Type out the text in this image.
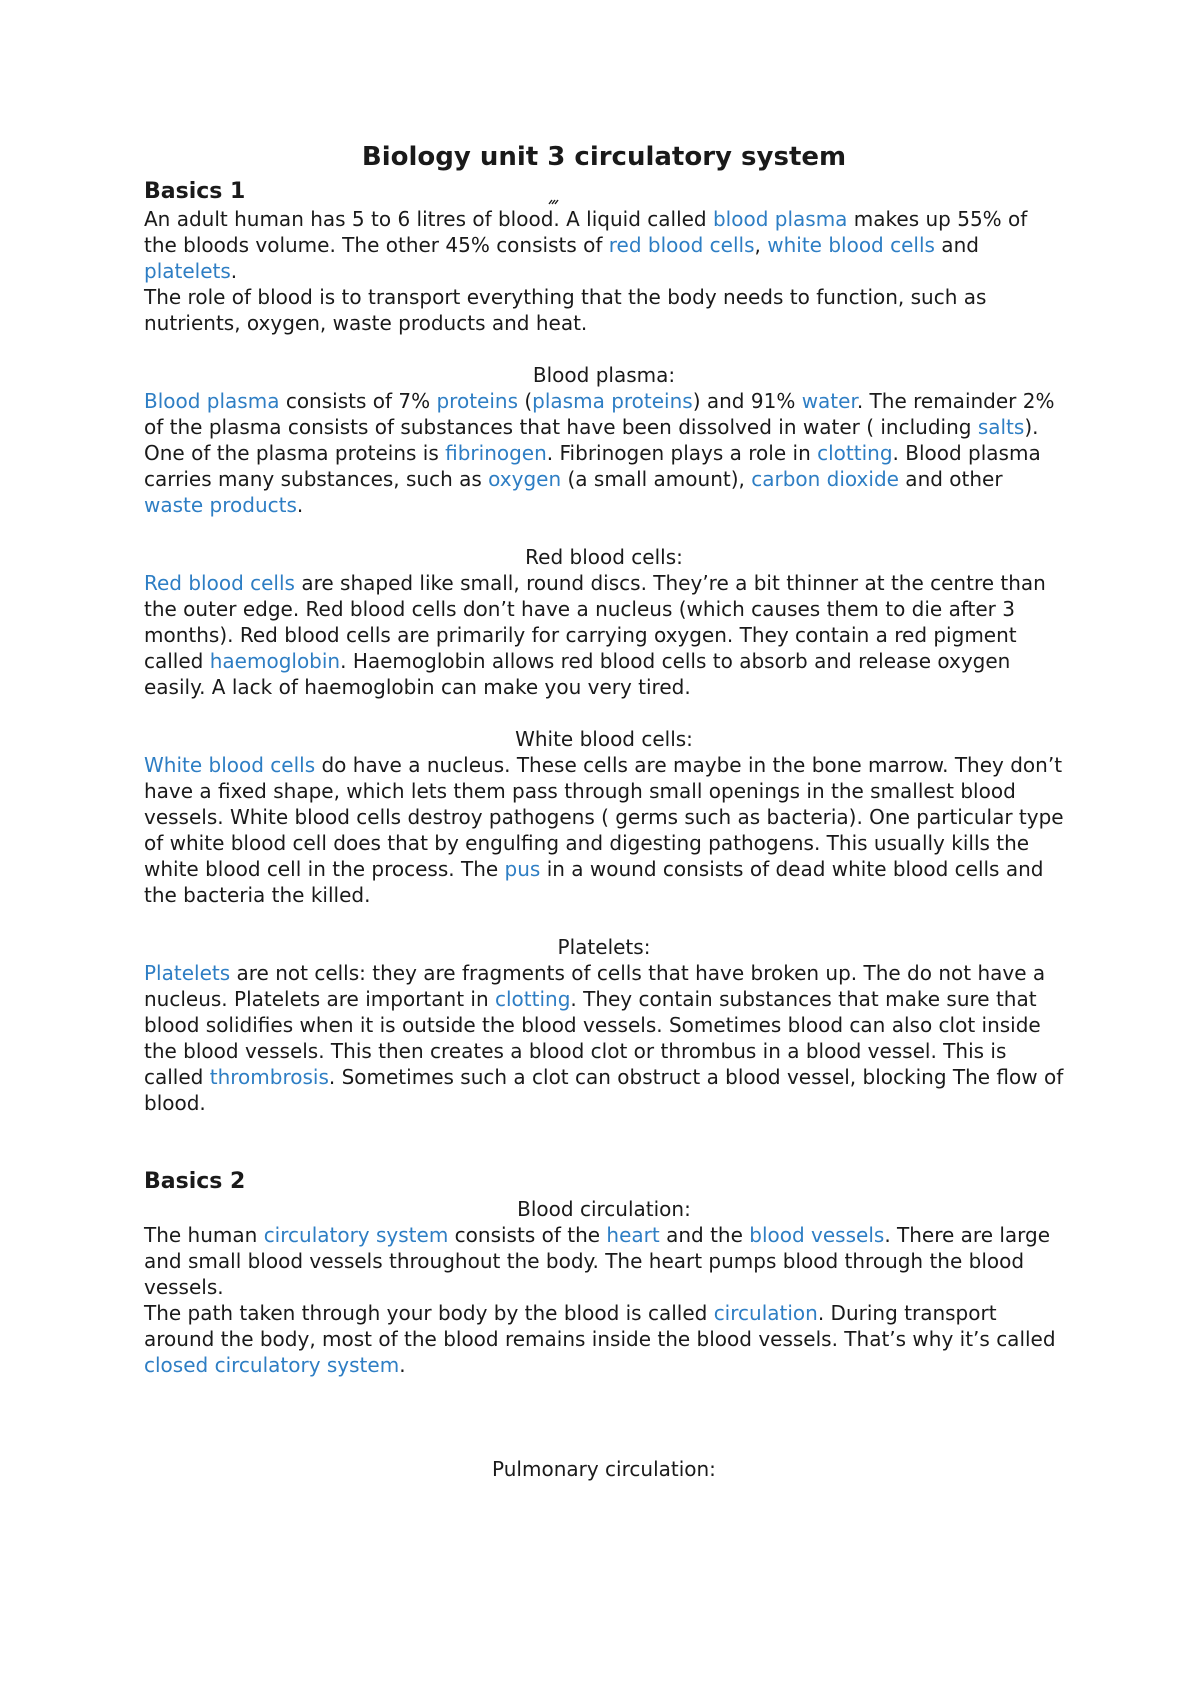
Biology unit 3 circulatory system

Basics 1

An adult human has 5 to 6 litres of blood.
A liquid called blood plasma makes up 55% of the bloods volume. The other 45% consists of red blood cells, white blood cells and platelets.

The role of blood is to transport everything that the body needs to function, such as nutrients, oxygen, waste products and heat.

Blood plasma:

Blood plasma consists of 7% proteins (plasma proteins) and 91% water. The remainder 2% of the plasma consists of substances that have been dissolved in water ( including salts).

One of the plasma proteins is fibrinogen. Fibrinogen plays a role in clotting. Blood plasma carries many substances, such as oxygen (a small amount), carbon dioxide and other waste products.

Red blood cells:

Red blood cells are shaped like small, round discs. They’re a bit thinner at the centre than the outer edge. Red blood cells don’t have a nucleus (which causes them to die after 3 months). Red blood cells are primarily for carrying oxygen. They contain a red pigment called haemoglobin. Haemoglobin allows red blood cells to absorb and release oxygen easily. A lack of haemoglobin can make you very tired.

White blood cells:

White blood cells do have a nucleus. These cells are maybe in the bone marrow. They don’t have a fixed shape, which lets them pass through small openings in the smallest blood vessels. White blood cells destroy pathogens ( germs such as bacteria). One particular type of white blood cell does that by engulfing and digesting pathogens. This usually kills the white blood cell in the process. The pus in a wound consists of dead white blood cells and the bacteria the killed.

Platelets:

Platelets are not cells: they are fragments of cells that have broken up. The do not have a nucleus. Platelets are important in clotting. They contain substances that make sure that blood solidifies when it is outside the blood vessels. Sometimes blood can also clot inside the blood vessels. This then creates a blood clot or thrombus in a blood vessel. This is called thrombrosis. Sometimes such a clot can obstruct a blood vessel, blocking The flow of blood.

Basics 2

Blood circulation:

The human circulatory system consists of the heart and the blood vessels. There are large and small blood vessels throughout the body. The heart pumps blood through the blood vessels.

The path taken through your body by the blood is called circulation. During transport around the body, most of the blood remains inside the blood vessels. That’s why it’s called closed circulatory system.

Pulmonary circulation:
